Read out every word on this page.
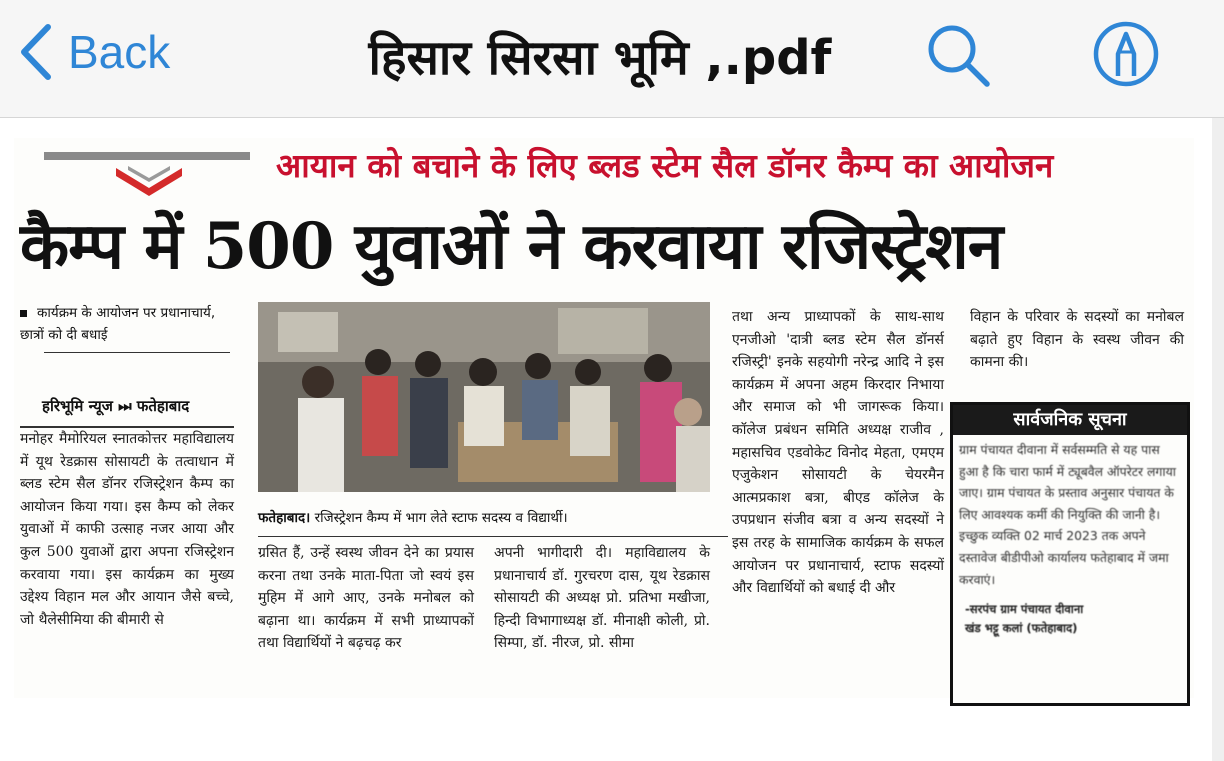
Back	हिसार सिरसा भूमि ,.pdf
आयान को बचाने के लिए ब्लड स्टेम सैल डॉनर कैम्प का आयोजन
कैम्प में 500 युवाओं ने करवाया रजिस्ट्रेशन
कार्यक्रम के आयोजन पर प्रधानाचार्य, छात्रों को दी बधाई
हरिभूमि न्यूज ⏭ फतेहाबाद
मनोहर मैमोरियल स्नातकोत्तर महाविद्यालय में यूथ रेडक्रास सोसायटी के तत्वाधान में ब्लड स्टेम सैल डॉनर रजिस्ट्रेशन कैम्प का आयोजन किया गया। इस कैम्प को लेकर युवाओं में काफी उत्साह नजर आया और कुल 500 युवाओं द्वारा अपना रजिस्ट्रेशन करवाया गया। इस कार्यक्रम का मुख्य उद्देश्य विहान मल और आयान जैसे बच्चे, जो थैलेसीमिया की बीमारी से
फतेहाबाद। रजिस्ट्रेशन कैम्प में भाग लेते स्टाफ सदस्य व विद्यार्थी।
ग्रसित हैं, उन्हें स्वस्थ जीवन देने का प्रयास करना तथा उनके माता-पिता जो स्वयं इस मुहिम में आगे आए, उनके मनोबल को बढ़ाना था। कार्यक्रम में सभी प्राध्यापकों तथा विद्यार्थियों ने बढ़चढ़ कर
अपनी भागीदारी दी। महाविद्यालय के प्रधानाचार्य डॉ. गुरचरण दास, यूथ रेडक्रास सोसायटी की अध्यक्ष प्रो. प्रतिभा मखीजा, हिन्दी विभागाध्यक्ष डॉ. मीनाक्षी कोली, प्रो. सिम्पा, डॉ. नीरज, प्रो. सीमा
तथा अन्य प्राध्यापकों के साथ-साथ एनजीओ 'दात्री ब्लड स्टेम सैल डॉनर्स रजिस्ट्री' इनके सहयोगी नरेन्द्र आदि ने इस कार्यक्रम में अपना अहम किरदार निभाया और समाज को भी जागरूक किया। कॉलेज प्रबंधन समिति अध्यक्ष राजीव , महासचिव एडवोकेट विनोद मेहता, एमएम एजुकेशन सोसायटी के चेयरमैन आत्मप्रकाश बत्रा, बीएड कॉलेज के उपप्रधान संजीव बत्रा व अन्य सदस्यों ने इस तरह के सामाजिक कार्यक्रम के सफल आयोजन पर प्रधानाचार्य, स्टाफ सदस्यों और विद्यार्थियों को बधाई दी और
विहान के परिवार के सदस्यों का मनोबल बढ़ाते हुए विहान के स्वस्थ जीवन की कामना की।
सार्वजनिक सूचना
ग्राम पंचायत दीवाना में सर्वसम्मति से यह पास हुआ है कि चारा फार्म में ट्यूबवैल ऑपरेटर लगाया जाए। ग्राम पंचायत के प्रस्ताव अनुसार पंचायत के लिए आवश्यक कर्मी की नियुक्ति की जानी है। इच्छुक व्यक्ति 02 मार्च 2023 तक अपने दस्तावेज बीडीपीओ कार्यालय फतेहाबाद में जमा करवाएं।
-सरपंच ग्राम पंचायत दीवाना
खंड भट्टू कलां (फतेहाबाद)
